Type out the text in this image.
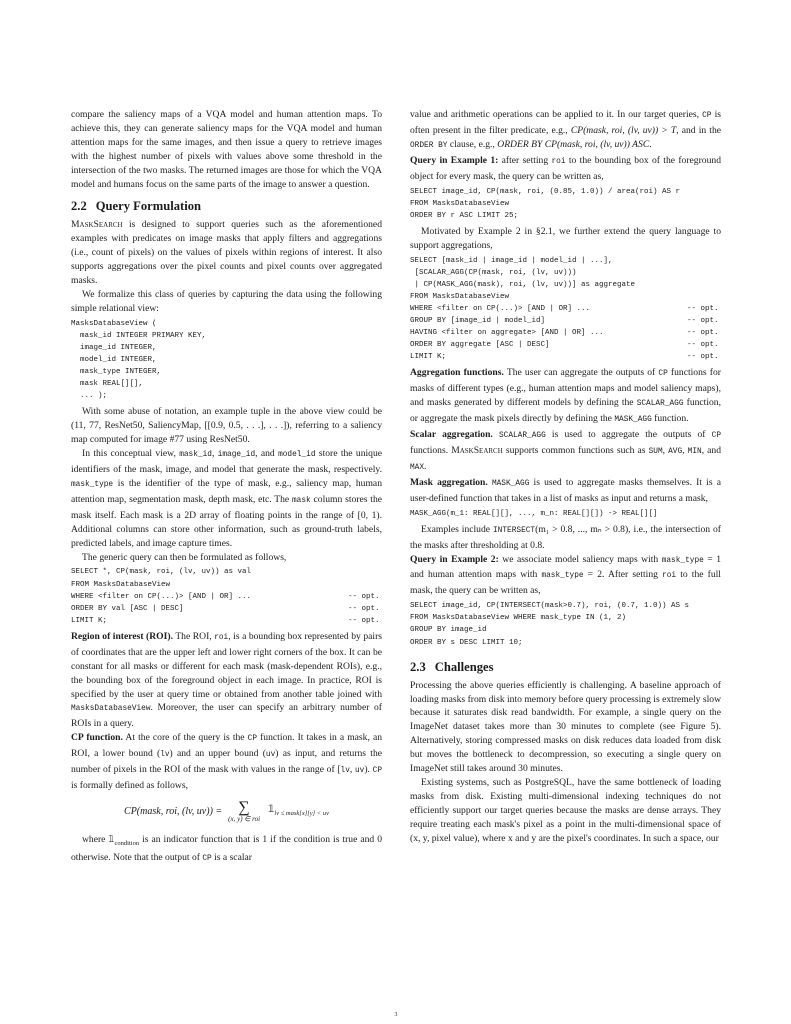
compare the saliency maps of a VQA model and human attention maps. To achieve this, they can generate saliency maps for the VQA model and human attention maps for the same images, and then issue a query to retrieve images with the highest number of pixels with values above some threshold in the intersection of the two masks. The returned images are those for which the VQA model and humans focus on the same parts of the image to answer a question.

2.2 Query Formulation

MaskSearch is designed to support queries such as the aforementioned examples with predicates on image masks that apply filters and aggregations (i.e., count of pixels) on the values of pixels within regions of interest. It also supports aggregations over the pixel counts and pixel counts over aggregated masks.

We formalize this class of queries by capturing the data using the following simple relational view:

MasksDatabaseView (
mask_id INTEGER PRIMARY KEY,
image_id INTEGER,
model_id INTEGER,
mask_type INTEGER,
mask REAL[][],
... );

With some abuse of notation, an example tuple in the above view could be (11, 77, ResNet50, SaliencyMap, [[0.9, 0.5, . . .], . . .]), referring to a saliency map computed for image #77 using ResNet50.

In this conceptual view, mask_id, image_id, and model_id store the unique identifiers of the mask, image, and model that generate the mask, respectively. mask_type is the identifier of the type of mask, e.g., saliency map, human attention map, segmentation mask, depth mask, etc. The mask column stores the mask itself. Each mask is a 2D array of floating points in the range of [0, 1). Additional columns can store other information, such as ground-truth labels, predicted labels, and image capture times.

The generic query can then be formulated as follows,

SELECT *, CP(mask, roi, (lv, uv)) as val
FROM MasksDatabaseView
WHERE <filter on CP(...)> [AND | OR] ...	-- opt.
ORDER BY val [ASC | DESC]	-- opt.
LIMIT K;	-- opt.

Region of interest (ROI). The ROI, roi, is a bounding box represented by pairs of coordinates that are the upper left and lower right corners of the box. It can be constant for all masks or different for each mask (mask-dependent ROIs), e.g., the bounding box of the foreground object in each image. In practice, ROI is specified by the user at query time or obtained from another table joined with MasksDatabaseView. Moreover, the user can specify an arbitrary number of ROIs in a query.

CP function. At the core of the query is the CP function. It takes in a mask, an ROI, a lower bound (lv) and an upper bound (uv) as input, and returns the number of pixels in the ROI of the mask with values in the range of [lv, uv). CP is formally defined as follows,

CP(mask, roi, (lv, uv)) = ∑
(x, y) ∈ roi
$𝟙_{lv \le mask[x][y] < uv}$

where $𝟙_{condition}$ is an indicator function that is 1 if the condition is true and 0 otherwise. Note that the output of CP is a scalar

value and arithmetic operations can be applied to it. In our target queries, CP is often present in the filter predicate, e.g., CP(mask, roi, (lv, uv)) > T, and in the ORDER BY clause, e.g., ORDER BY CP(mask, roi, (lv, uv)) ASC.

Query in Example 1: after setting roi to the bounding box of the foreground object for every mask, the query can be written as,

SELECT image_id, CP(mask, roi, (0.85, 1.0)) / area(roi) AS r
FROM MasksDatabaseView
ORDER BY r ASC LIMIT 25;

Motivated by Example 2 in §2.1, we further extend the query language to support aggregations,

SELECT [mask_id | image_id | model_id | ...],
[SCALAR_AGG(CP(mask, roi, (lv, uv)))
| CP(MASK_AGG(mask), roi, (lv, uv))] as aggregate
FROM MasksDatabaseView
WHERE <filter on CP(...)> [AND | OR] ...	-- opt.
GROUP BY [image_id | model_id]	-- opt.
HAVING <filter on aggregate> [AND | OR] ...	-- opt.
ORDER BY aggregate [ASC | DESC]	-- opt.
LIMIT K;	-- opt.

Aggregation functions. The user can aggregate the outputs of CP functions for masks of different types (e.g., human attention maps and model saliency maps), and masks generated by different models by defining the SCALAR_AGG function, or aggregate the mask pixels directly by defining the MASK_AGG function.

Scalar aggregation. SCALAR_AGG is used to aggregate the outputs of CP functions. MaskSearch supports common functions such as SUM, AVG, MIN, and MAX.

Mask aggregation. MASK_AGG is used to aggregate masks themselves. It is a user-defined function that takes in a list of masks as input and returns a mask,

MASK_AGG(m_1: REAL[][], ..., m_n: REAL[][]) -> REAL[][]

Examples include INTERSECT(m₁ > 0.8, ..., mₙ > 0.8), i.e., the intersection of the masks after thresholding at 0.8.

Query in Example 2: we associate model saliency maps with mask_type = 1 and human attention maps with mask_type = 2. After setting roi to the full mask, the query can be written as,

SELECT image_id, CP(INTERSECT(mask>0.7), roi, (0.7, 1.0)) AS s
FROM MasksDatabaseView WHERE mask_type IN (1, 2)
GROUP BY image_id
ORDER BY s DESC LIMIT 10;
2.3 Challenges

Processing the above queries efficiently is challenging. A baseline approach of loading masks from disk into memory before query processing is extremely slow because it saturates disk read bandwidth. For example, a single query on the ImageNet dataset takes more than 30 minutes to complete (see Figure 5). Alternatively, storing compressed masks on disk reduces data loaded from disk but moves the bottleneck to decompression, so executing a single query on ImageNet still takes around 30 minutes.

Existing systems, such as PostgreSQL, have the same bottleneck of loading masks from disk. Existing multi-dimensional indexing techniques do not efficiently support our target queries because the masks are dense arrays. They require treating each mask's pixel as a point in the multi-dimensional space of (x, y, pixel value), where x and y are the pixel's coordinates. In such a space, our

3
